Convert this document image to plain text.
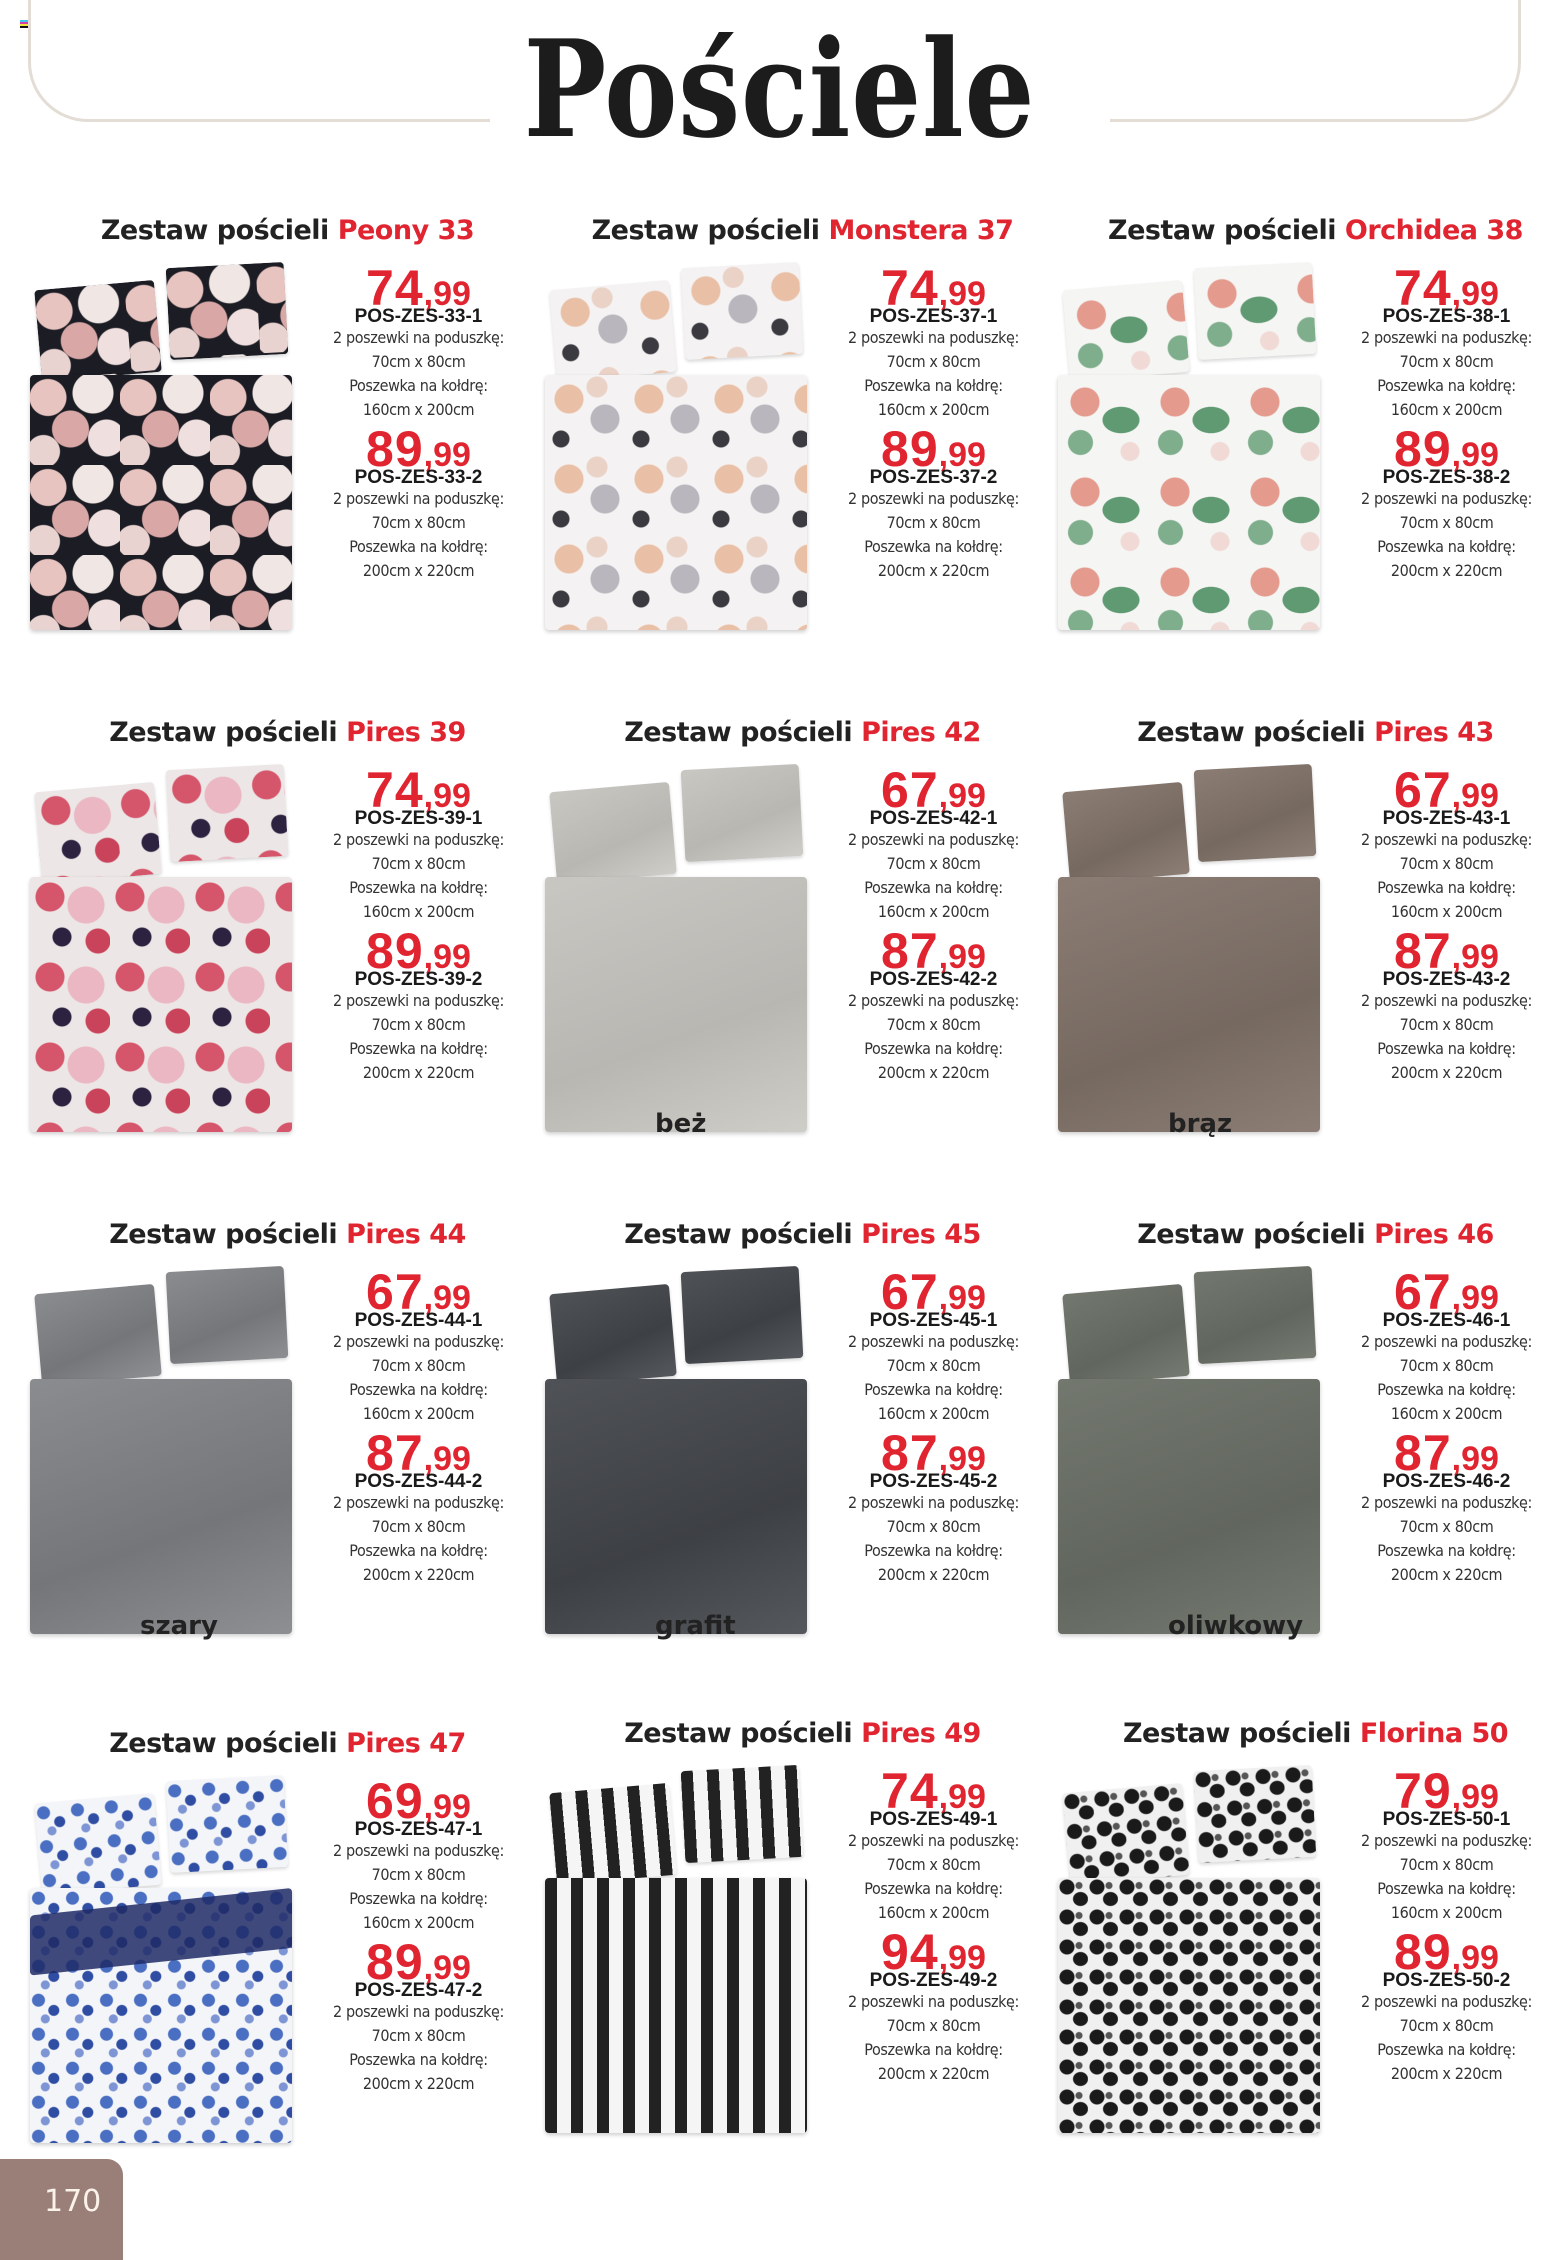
Pościele
Zestaw pościeli Peony 33
74,99
POS-ZES-33-1
2 poszewki na poduszkę:
70cm x 80cm
Poszewka na kołdrę:
160cm x 200cm
89,99
POS-ZES-33-2
2 poszewki na poduszkę:
70cm x 80cm
Poszewka na kołdrę:
200cm x 220cm
Zestaw pościeli Monstera 37
74,99
POS-ZES-37-1
2 poszewki na poduszkę:
70cm x 80cm
Poszewka na kołdrę:
160cm x 200cm
89,99
POS-ZES-37-2
2 poszewki na poduszkę:
70cm x 80cm
Poszewka na kołdrę:
200cm x 220cm
Zestaw pościeli Orchidea 38
74,99
POS-ZES-38-1
2 poszewki na poduszkę:
70cm x 80cm
Poszewka na kołdrę:
160cm x 200cm
89,99
POS-ZES-38-2
2 poszewki na poduszkę:
70cm x 80cm
Poszewka na kołdrę:
200cm x 220cm
Zestaw pościeli Pires 39
74,99
POS-ZES-39-1
2 poszewki na poduszkę:
70cm x 80cm
Poszewka na kołdrę:
160cm x 200cm
89,99
POS-ZES-39-2
2 poszewki na poduszkę:
70cm x 80cm
Poszewka na kołdrę:
200cm x 220cm
Zestaw pościeli Pires 42
beż
67,99
POS-ZES-42-1
2 poszewki na poduszkę:
70cm x 80cm
Poszewka na kołdrę:
160cm x 200cm
87,99
POS-ZES-42-2
2 poszewki na poduszkę:
70cm x 80cm
Poszewka na kołdrę:
200cm x 220cm
Zestaw pościeli Pires 43
brąz
67,99
POS-ZES-43-1
2 poszewki na poduszkę:
70cm x 80cm
Poszewka na kołdrę:
160cm x 200cm
87,99
POS-ZES-43-2
2 poszewki na poduszkę:
70cm x 80cm
Poszewka na kołdrę:
200cm x 220cm
Zestaw pościeli Pires 44
szary
67,99
POS-ZES-44-1
2 poszewki na poduszkę:
70cm x 80cm
Poszewka na kołdrę:
160cm x 200cm
87,99
POS-ZES-44-2
2 poszewki na poduszkę:
70cm x 80cm
Poszewka na kołdrę:
200cm x 220cm
Zestaw pościeli Pires 45
grafit
67,99
POS-ZES-45-1
2 poszewki na poduszkę:
70cm x 80cm
Poszewka na kołdrę:
160cm x 200cm
87,99
POS-ZES-45-2
2 poszewki na poduszkę:
70cm x 80cm
Poszewka na kołdrę:
200cm x 220cm
Zestaw pościeli Pires 46
oliwkowy
67,99
POS-ZES-46-1
2 poszewki na poduszkę:
70cm x 80cm
Poszewka na kołdrę:
160cm x 200cm
87,99
POS-ZES-46-2
2 poszewki na poduszkę:
70cm x 80cm
Poszewka na kołdrę:
200cm x 220cm
Zestaw pościeli Pires 47
69,99
POS-ZES-47-1
2 poszewki na poduszkę:
70cm x 80cm
Poszewka na kołdrę:
160cm x 200cm
89,99
POS-ZES-47-2
2 poszewki na poduszkę:
70cm x 80cm
Poszewka na kołdrę:
200cm x 220cm
Zestaw pościeli Pires 49
74,99
POS-ZES-49-1
2 poszewki na poduszkę:
70cm x 80cm
Poszewka na kołdrę:
160cm x 200cm
94,99
POS-ZES-49-2
2 poszewki na poduszkę:
70cm x 80cm
Poszewka na kołdrę:
200cm x 220cm
Zestaw pościeli Florina 50
79,99
POS-ZES-50-1
2 poszewki na poduszkę:
70cm x 80cm
Poszewka na kołdrę:
160cm x 200cm
89,99
POS-ZES-50-2
2 poszewki na poduszkę:
70cm x 80cm
Poszewka na kołdrę:
200cm x 220cm
170
